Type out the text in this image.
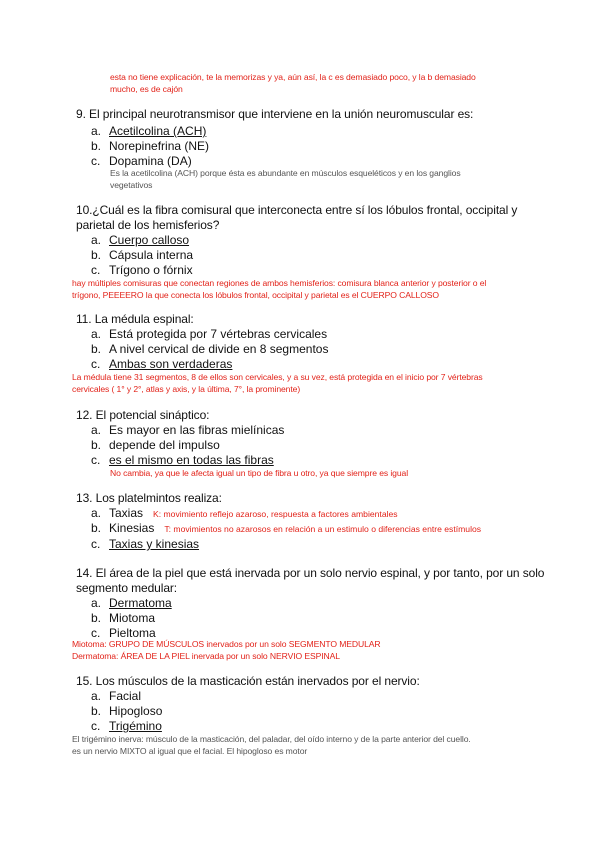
esta no tiene explicación, te la memorizas y ya, aún así, la c es demasiado poco, y la b demasiado
mucho, es de cajón
9. El principal neurotransmisor que interviene en la unión neuromuscular es:
a. Acetilcolina (ACH)
b. Norepinefrina (NE)
c. Dopamina (DA)
Es la acetilcolina (ACH) porque ésta es abundante en músculos esqueléticos y en los ganglios
vegetativos
10.¿Cuál es la fibra comisural que interconecta entre sí los lóbulos frontal, occipital y
parietal de los hemisferios?
a. Cuerpo calloso
b. Cápsula interna
c. Trígono o fórnix
hay múltiples comisuras que conectan regiones de ambos hemisferios: comisura blanca anterior y posterior o el
trígono, PEEEERO la que conecta los lóbulos frontal, occipital y parietal es el CUERPO CALLOSO
11. La médula espinal:
a. Está protegida por 7 vértebras cervicales
b. A nivel cervical de divide en 8 segmentos
c. Ambas son verdaderas
La médula tiene 31 segmentos, 8 de ellos son cervicales, y a su vez, está protegida en el inicio por 7 vértebras
cervicales ( 1° y 2°, atlas y axis, y la última, 7°, la prominente)
12. El potencial sináptico:
a. Es mayor en las fibras mielínicas
b. depende del impulso
c. es el mismo en todas las fibras
No cambia, ya que le afecta igual un tipo de fibra u otro, ya que siempre es igual
13. Los platelmintos realiza:
a. Taxias K: movimiento reflejo azaroso, respuesta a factores ambientales
b. Kinesias T: movimientos no azarosos en relación a un estimulo o diferencias entre estímulos
c. Taxias y kinesias
14. El área de la piel que está inervada por un solo nervio espinal, y por tanto, por un solo
segmento medular:
a. Dermatoma
b. Miotoma
c. Pieltoma
Miotoma: GRUPO DE MÚSCULOS inervados por un solo SEGMENTO MEDULAR
Dermatoma: ÁREA DE LA PIEL inervada por un solo NERVIO ESPINAL
15. Los músculos de la masticación están inervados por el nervio:
a. Facial
b. Hipogloso
c. Trigémino
El trigémino inerva: músculo de la masticación, del paladar, del oído interno y de la parte anterior del cuello.
es un nervio MIXTO al igual que el facial. El hipogloso es motor
